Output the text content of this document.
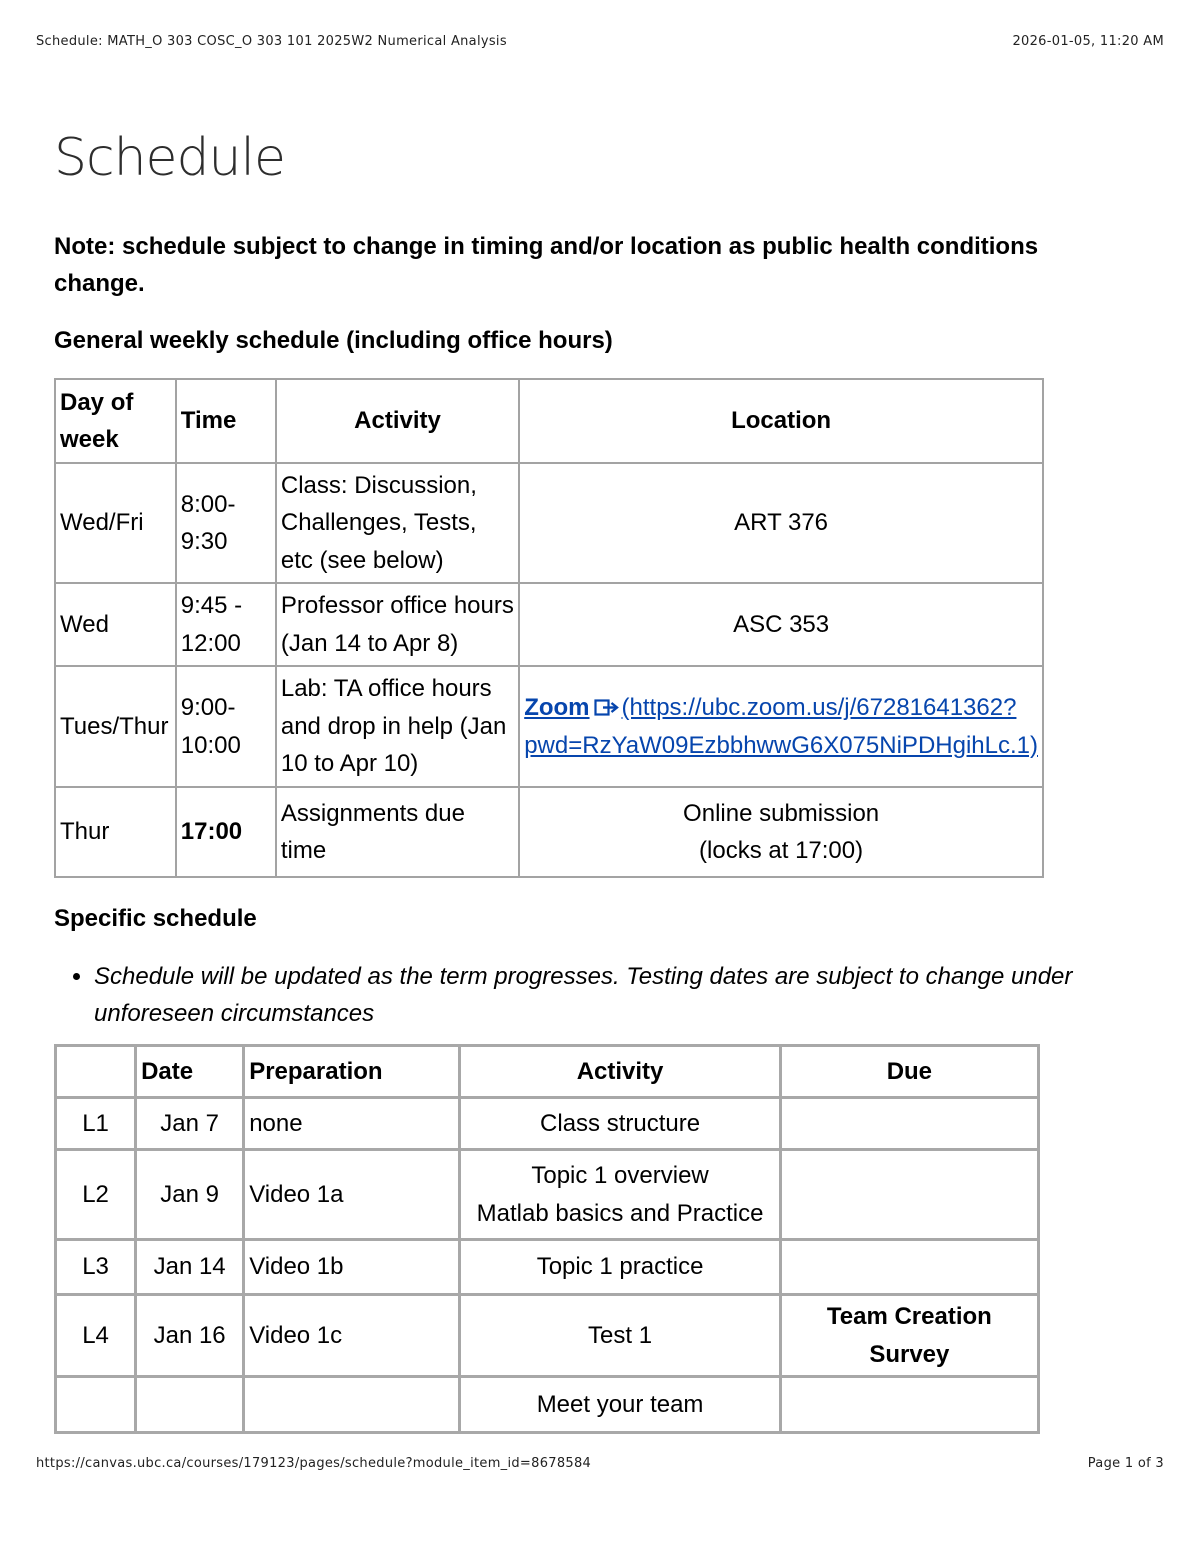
Schedule: MATH_O 303 COSC_O 303 101 2025W2 Numerical Analysis	2026-01-05, 11:20 AM
Schedule

Note: schedule subject to change in timing and/or location as public health conditions change.

General weekly schedule (including office hours)
Day of week	Time	Activity	Location
Wed/Fri	8:00-9:30	Class: Discussion, Challenges, Tests, etc (see below)	ART 376
Wed	9:45 - 12:00	Professor office hours (Jan 14 to Apr 8)	ASC 353
Tues/Thur	9:00-10:00	Lab: TA office hours and drop in help (Jan 10 to Apr 10)	Zoom (https://ubc.zoom.us/j/67281641362?
pwd=RzYaW09EzbbhwwG6X075NiPDHgihLc.1)

Thur	17:00	Assignments due time	Online submission
(locks at 17:00)
Specific schedule
• Schedule will be updated as the term progresses. Testing dates are subject to change under unforeseen circumstances
	Date	Preparation	Activity	Due
L1	Jan 7	none	Class structure	
L2	Jan 9	Video 1a	Topic 1 overview
Matlab basics and Practice	

L3	Jan 14	Video 1b	Topic 1 practice	
L4	Jan 16	Video 1c	Test 1	Team Creation Survey
			Meet your team	
https://canvas.ubc.ca/courses/179123/pages/schedule?module_item_id=8678584	Page 1 of 3
